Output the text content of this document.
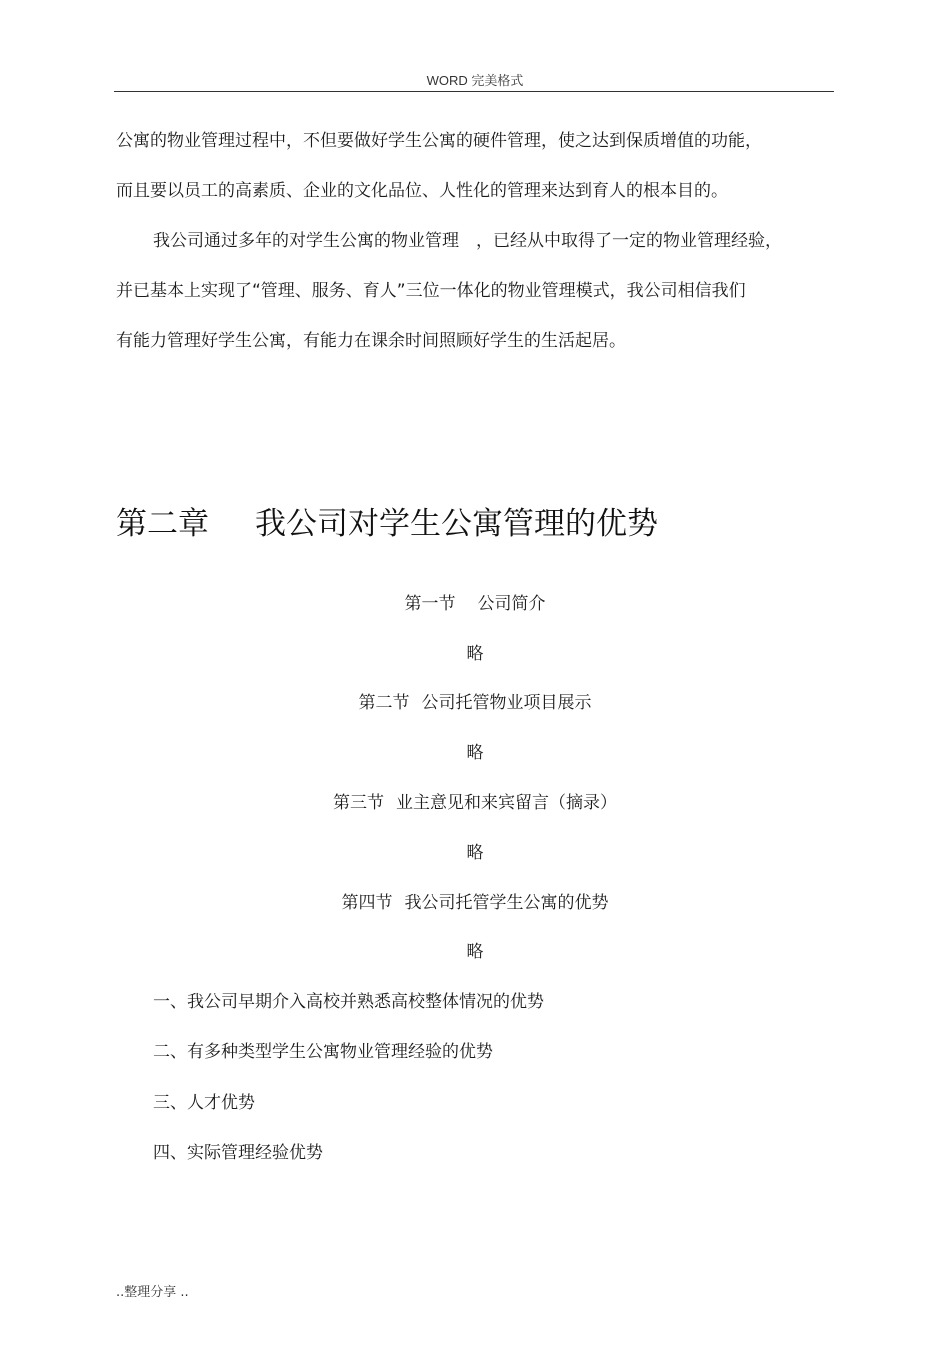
WORD 完美格式
公寓的物业管理过程中，不但要做好学生公寓的硬件管理，使之达到保质增值的功能，
而且要以员工的高素质、企业的文化品位、人性化的管理来达到育人的根本目的。
我公司通过多年的对学生公寓的物业管理　，已经从中取得了一定的物业管理经验，
并已基本上实现了“管理、服务、育人”三位一体化的物业管理模式，我公司相信我们
有能力管理好学生公寓，有能力在课余时间照顾好学生的生活起居。
第二章 我公司对学生公寓管理的优势
第一节 公司简介
略
第二节 公司托管物业项目展示
略
第三节 业主意见和来宾留言（摘录）
略
第四节 我公司托管学生公寓的优势
略
一、我公司早期介入高校并熟悉高校整体情况的优势
二、有多种类型学生公寓物业管理经验的优势
三、人才优势
四、实际管理经验优势
..整理分享 ..
